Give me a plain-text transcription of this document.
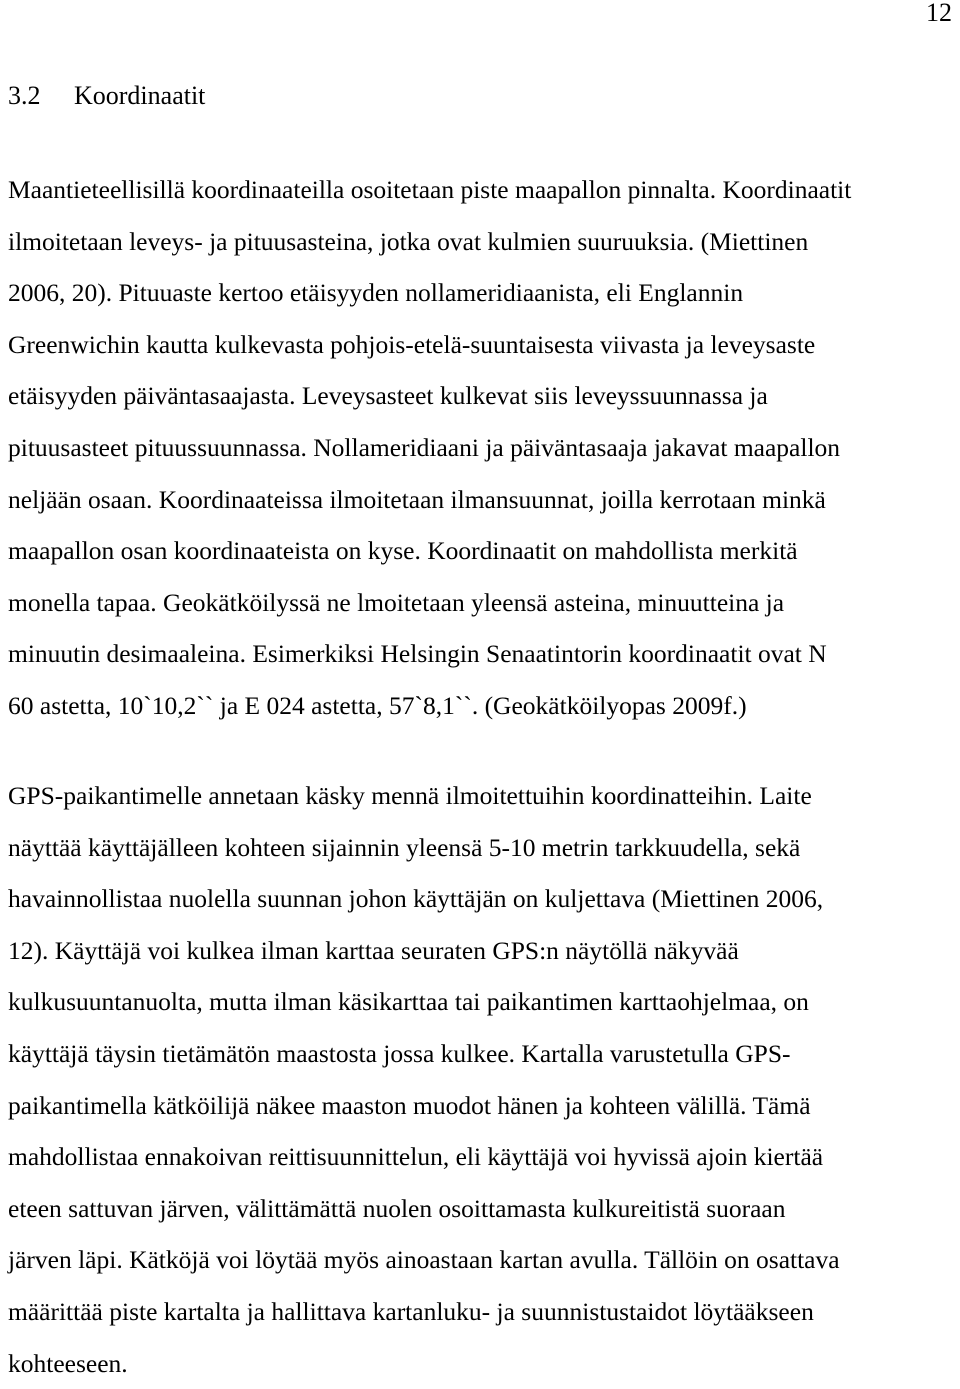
12
3.2 Koordinaatit
Maantieteellisillä koordinaateilla osoitetaan piste maapallon pinnalta. Koordinaatit
ilmoitetaan leveys- ja pituusasteina, jotka ovat kulmien suuruuksia. (Miettinen
2006, 20). Pituuaste kertoo etäisyyden nollameridiaanista, eli Englannin
Greenwichin kautta kulkevasta pohjois-etelä-suuntaisesta viivasta ja leveysaste
etäisyyden päiväntasaajasta. Leveysasteet kulkevat siis leveyssuunnassa ja
pituusasteet pituussuunnassa. Nollameridiaani ja päiväntasaaja jakavat maapallon
neljään osaan. Koordinaateissa ilmoitetaan ilmansuunnat, joilla kerrotaan minkä
maapallon osan koordinaateista on kyse. Koordinaatit on mahdollista merkitä
monella tapaa. Geokätköilyssä ne lmoitetaan yleensä asteina, minuutteina ja
minuutin desimaaleina. Esimerkiksi Helsingin Senaatintorin koordinaatit ovat N
60 astetta, 10`10,2`` ja E 024 astetta, 57`8,1``. (Geokätköilyopas 2009f.)
GPS-paikantimelle annetaan käsky mennä ilmoitettuihin koordinatteihin. Laite
näyttää käyttäjälleen kohteen sijainnin yleensä 5-10 metrin tarkkuudella, sekä
havainnollistaa nuolella suunnan johon käyttäjän on kuljettava (Miettinen 2006,
12). Käyttäjä voi kulkea ilman karttaa seuraten GPS:n näytöllä näkyvää
kulkusuuntanuolta, mutta ilman käsikarttaa tai paikantimen karttaohjelmaa, on
käyttäjä täysin tietämätön maastosta jossa kulkee. Kartalla varustetulla GPS-
paikantimella kätköilijä näkee maaston muodot hänen ja kohteen välillä. Tämä
mahdollistaa ennakoivan reittisuunnittelun, eli käyttäjä voi hyvissä ajoin kiertää
eteen sattuvan järven, välittämättä nuolen osoittamasta kulkureitistä suoraan
järven läpi. Kätköjä voi löytää myös ainoastaan kartan avulla. Tällöin on osattava
määrittää piste kartalta ja hallittava kartanluku- ja suunnistustaidot löytääkseen
kohteeseen.
